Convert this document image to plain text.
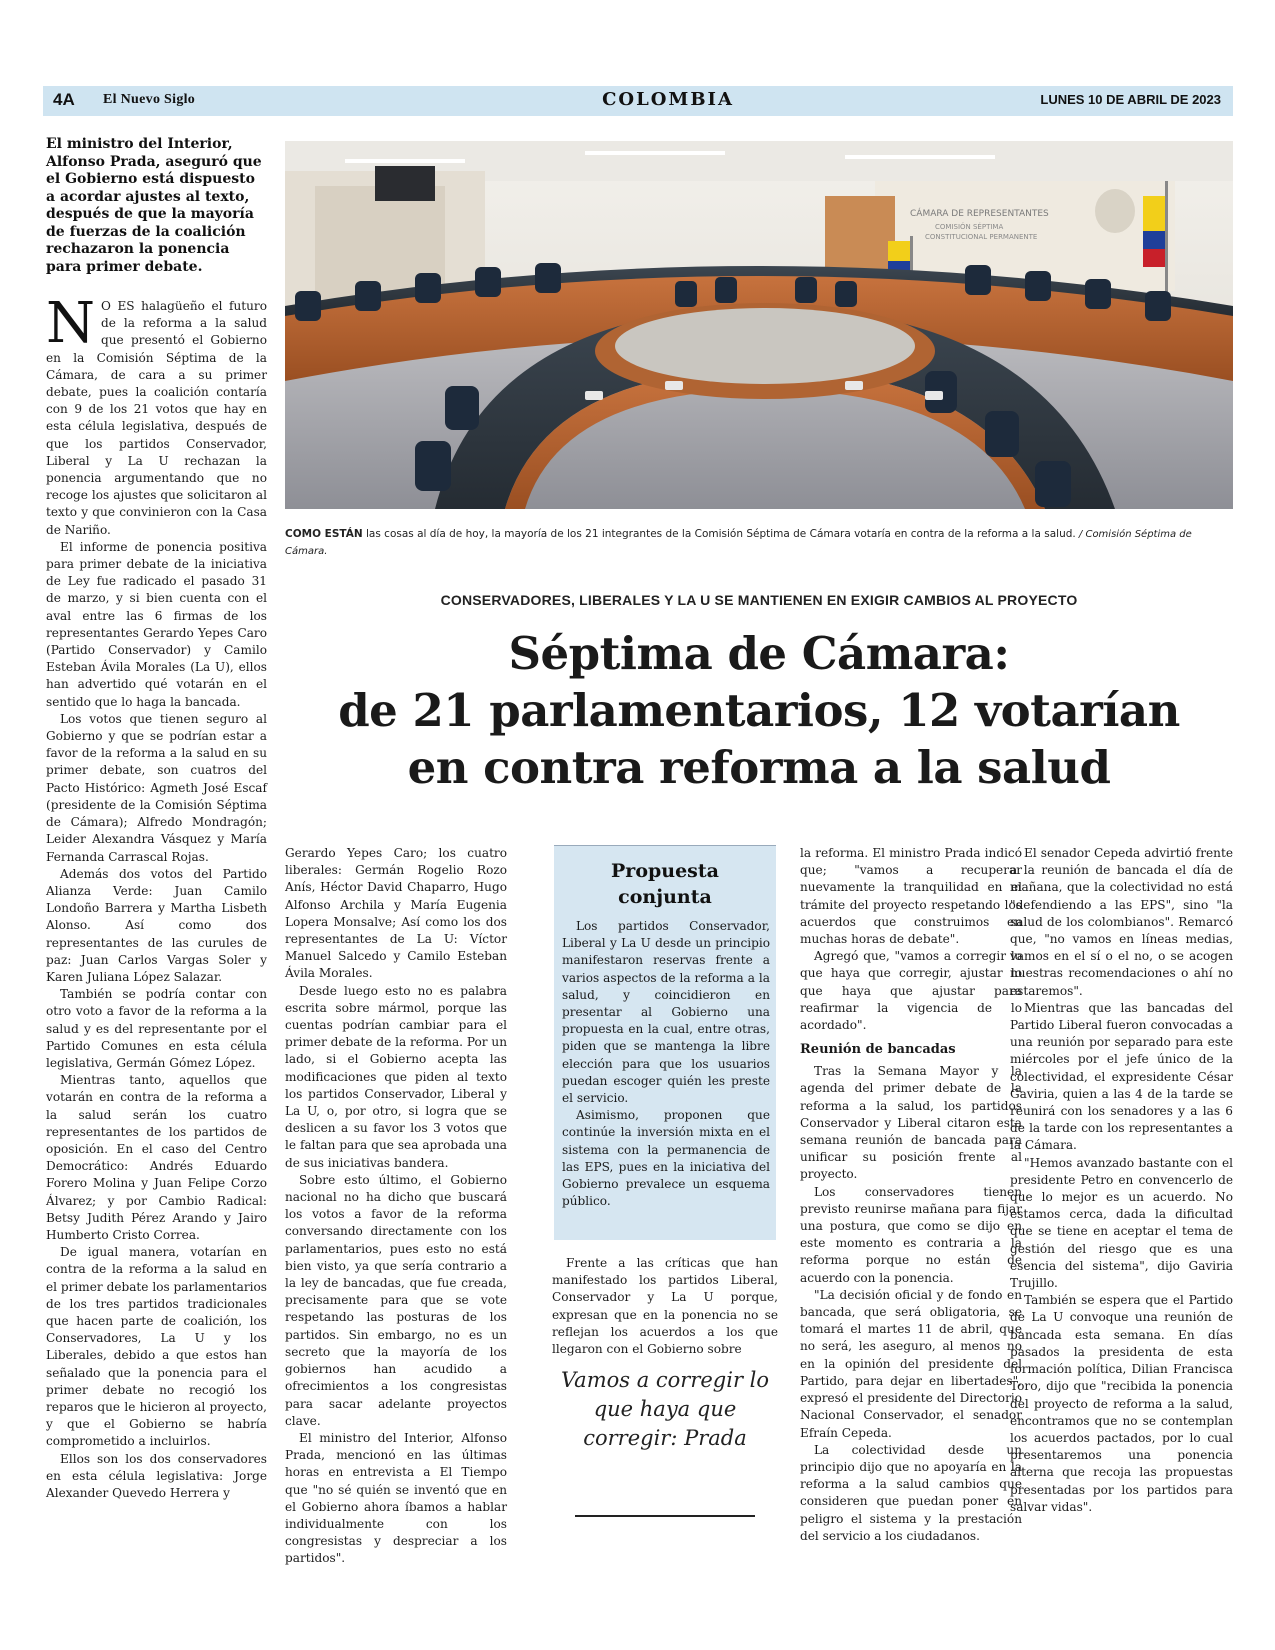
4A El Nuevo Siglo	COLOMBIA	LUNES 10 DE ABRIL DE 2023
El ministro del Interior, Alfonso Prada, aseguró que el Gobierno está dispuesto a acordar ajustes al texto, después de que la mayoría de fuerzas de la coalición rechazaron la ponencia para primer debate.

N O ES halagüeño el futuro de la reforma a la salud que presentó el Gobierno en la Comisión Séptima de la Cámara, de cara a su primer debate, pues la coalición contaría con 9 de los 21 votos que hay en esta célula legislativa, después de que los partidos Conservador, Liberal y La U rechazan la ponencia argumentando que no recoge los ajustes que solicitaron al texto y que convinieron con la Casa de Nariño.

El informe de ponencia positiva para primer debate de la iniciativa de Ley fue radicado el pasado 31 de marzo, y si bien cuenta con el aval entre las 6 firmas de los representantes Gerardo Yepes Caro (Partido Conservador) y Camilo Esteban Ávila Morales (La U), ellos han advertido qué votarán en el sentido que lo haga la bancada.

Los votos que tienen seguro al Gobierno y que se podrían estar a favor de la reforma a la salud en su primer debate, son cuatros del Pacto Histórico: Agmeth José Escaf (presidente de la Comisión Séptima de Cámara); Alfredo Mondragón; Leider Alexandra Vásquez y María Fernanda Carrascal Rojas.

Además dos votos del Partido Alianza Verde: Juan Camilo Londoño Barrera y Martha Lisbeth Alonso. Así como dos representantes de las curules de paz: Juan Carlos Vargas Soler y Karen Juliana López Salazar.

También se podría contar con otro voto a favor de la reforma a la salud y es del representante por el Partido Comunes en esta célula legislativa, Germán Gómez López.

Mientras tanto, aquellos que votarán en contra de la reforma a la salud serán los cuatro representantes de los partidos de oposición. En el caso del Centro Democrático: Andrés Eduardo Forero Molina y Juan Felipe Corzo Álvarez; y por Cambio Radical: Betsy Judith Pérez Arando y Jairo Humberto Cristo Correa.

De igual manera, votarían en contra de la reforma a la salud en el primer debate los parlamentarios de los tres partidos tradicionales que hacen parte de coalición, los Conservadores, La U y los Liberales, debido a que estos han señalado que la ponencia para el primer debate no recogió los reparos que le hicieron al proyecto, y que el Gobierno se habría comprometido a incluirlos.

Ellos son los dos conservadores en esta célula legislativa: Jorge Alexander Quevedo Herrera y

CÁMARA DE REPRESENTANTES
COMISIÓN SÉPTIMA
CONSTITUCIONAL PERMANENTE
COMO ESTÁN las cosas al día de hoy, la mayoría de los 21 integrantes de la Comisión Séptima de Cámara votaría en contra de la reforma a la salud. / Comisión Séptima de Cámara.
CONSERVADORES, LIBERALES Y LA U SE MANTIENEN EN EXIGIR CAMBIOS AL PROYECTO
Séptima de Cámara:
de 21 parlamentarios, 12 votarían
en contra reforma a la salud

Gerardo Yepes Caro; los cuatro liberales: Germán Rogelio Rozo Anís, Héctor David Chaparro, Hugo Alfonso Archila y María Eugenia Lopera Monsalve; Así como los dos representantes de La U: Víctor Manuel Salcedo y Camilo Esteban Ávila Morales.

Desde luego esto no es palabra escrita sobre mármol, porque las cuentas podrían cambiar para el primer debate de la reforma. Por un lado, si el Gobierno acepta las modificaciones que piden al texto los partidos Conservador, Liberal y La U, o, por otro, si logra que se deslicen a su favor los 3 votos que le faltan para que sea aprobada una de sus iniciativas bandera.

Sobre esto último, el Gobierno nacional no ha dicho que buscará los votos a favor de la reforma conversando directamente con los parlamentarios, pues esto no está bien visto, ya que sería contrario a la ley de bancadas, que fue creada, precisamente para que se vote respetando las posturas de los partidos. Sin embargo, no es un secreto que la mayoría de los gobiernos han acudido a ofrecimientos a los congresistas para sacar adelante proyectos clave.

El ministro del Interior, Alfonso Prada, mencionó en las últimas horas en entrevista a El Tiempo que "no sé quién se inventó que en el Gobierno ahora íbamos a hablar individualmente con los congresistas y despreciar a los partidos".

Propuesta
conjunta

Los partidos Conservador, Liberal y La U desde un principio manifestaron reservas frente a varios aspectos de la reforma a la salud, y coincidieron en presentar al Gobierno una propuesta en la cual, entre otras, piden que se mantenga la libre elección para que los usuarios puedan escoger quién les preste el servicio.

Asimismo, proponen que continúe la inversión mixta en el sistema con la permanencia de las EPS, pues en la iniciativa del Gobierno prevalece un esquema público.

Frente a las críticas que han manifestado los partidos Liberal, Conservador y La U porque, expresan que en la ponencia no se reflejan los acuerdos a los que llegaron con el Gobierno sobre

Vamos a corregir lo que haya que corregir: Prada

la reforma. El ministro Prada indicó que; "vamos a recuperar nuevamente la tranquilidad en el trámite del proyecto respetando los acuerdos que construimos en muchas horas de debate".

Agregó que, "vamos a corregir lo que haya que corregir, ajustar lo que haya que ajustar para reafirmar la vigencia de lo acordado".

Reunión de bancadas

Tras la Semana Mayor y la agenda del primer debate de la reforma a la salud, los partidos Conservador y Liberal citaron esta semana reunión de bancada para unificar su posición frente al proyecto.

Los conservadores tienen previsto reunirse mañana para fijar una postura, que como se dijo en este momento es contraria a la reforma porque no están de acuerdo con la ponencia.

"La decisión oficial y de fondo en bancada, que será obligatoria, se tomará el martes 11 de abril, que no será, les aseguro, al menos no en la opinión del presidente del Partido, para dejar en libertades", expresó el presidente del Directorio Nacional Conservador, el senador Efraín Cepeda.

La colectividad desde un principio dijo que no apoyaría en la reforma a la salud cambios que consideren que puedan poner en peligro el sistema y la prestación del servicio a los ciudadanos.

El senador Cepeda advirtió frente a la reunión de bancada el día de mañana, que la colectividad no está "defendiendo a las EPS", sino "la salud de los colombianos". Remarcó que, "no vamos en líneas medias, vamos en el sí o el no, o se acogen nuestras recomendaciones o ahí no estaremos".

Mientras que las bancadas del Partido Liberal fueron convocadas a una reunión por separado para este miércoles por el jefe único de la colectividad, el expresidente César Gaviria, quien a las 4 de la tarde se reunirá con los senadores y a las 6 de la tarde con los representantes a la Cámara.

"Hemos avanzado bastante con el presidente Petro en convencerlo de que lo mejor es un acuerdo. No estamos cerca, dada la dificultad que se tiene en aceptar el tema de gestión del riesgo que es una esencia del sistema", dijo Gaviria Trujillo.

También se espera que el Partido de La U convoque una reunión de bancada esta semana. En días pasados la presidenta de esta formación política, Dilian Francisca Toro, dijo que "recibida la ponencia del proyecto de reforma a la salud, encontramos que no se contemplan los acuerdos pactados, por lo cual presentaremos una ponencia alterna que recoja las propuestas presentadas por los partidos para salvar vidas".
